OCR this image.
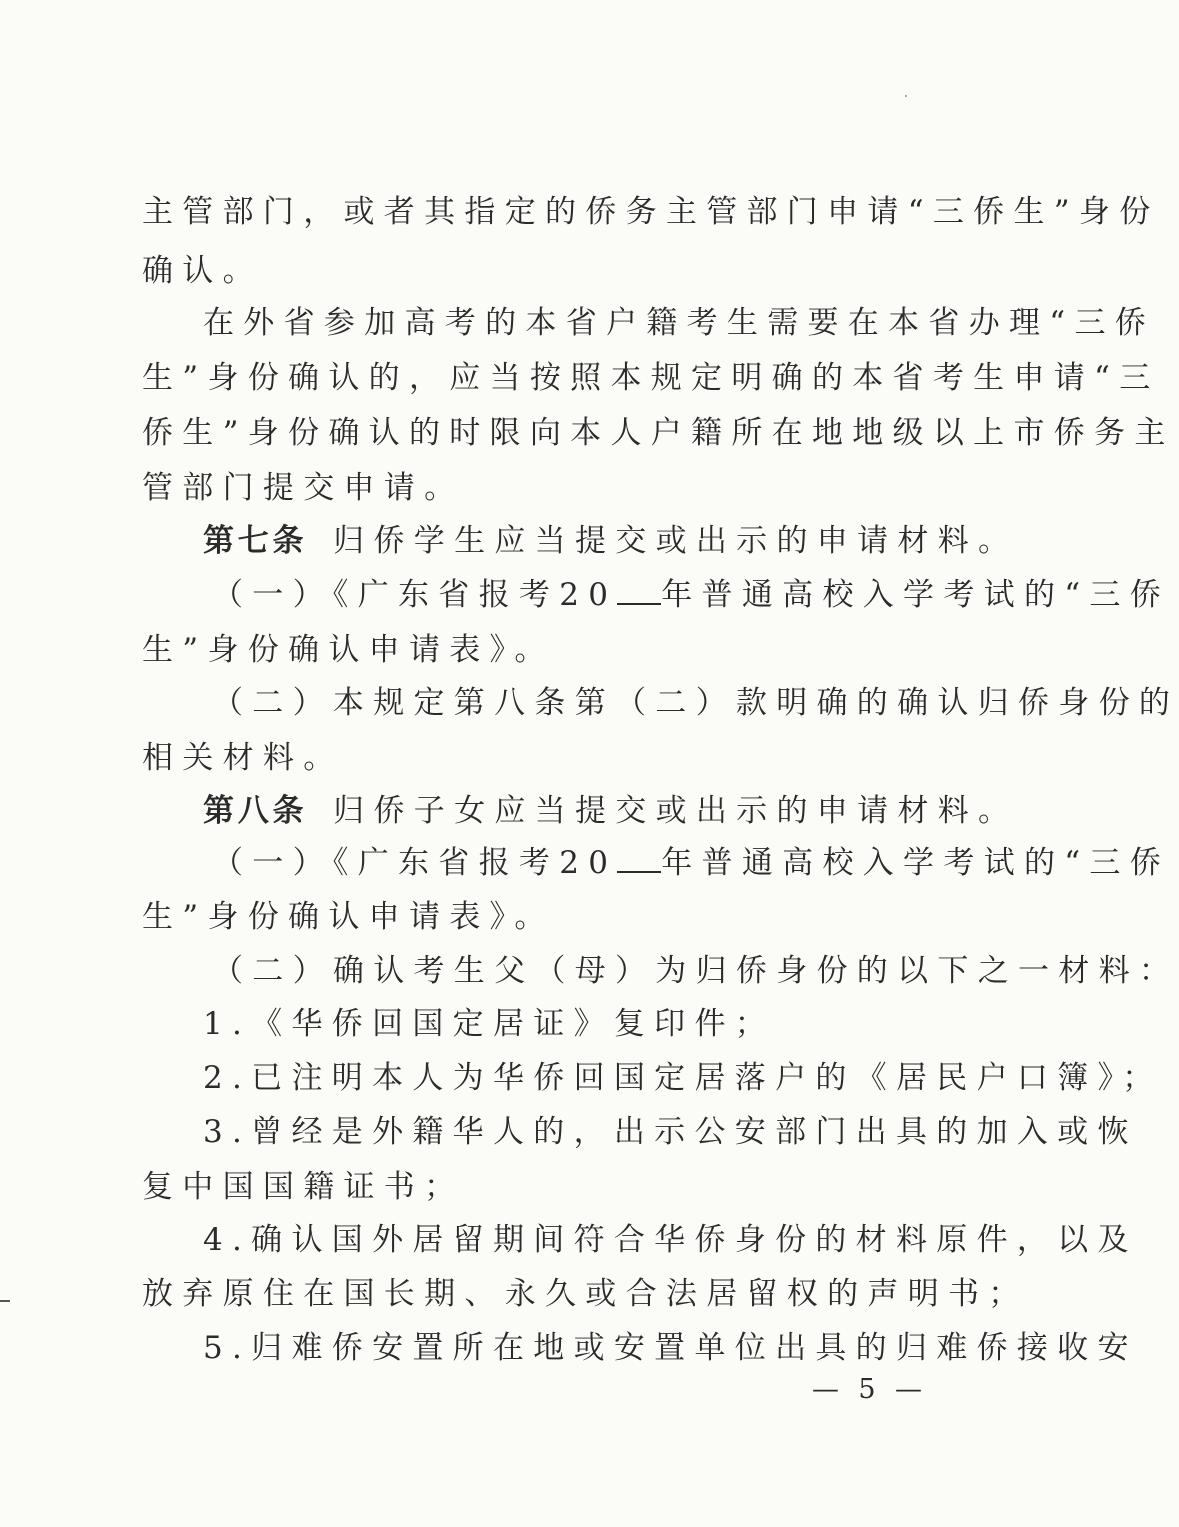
主管部门，或者其指定的侨务主管部门申请“三侨生”身份
确认。
在外省参加高考的本省户籍考生需要在本省办理“三侨
生”身份确认的，应当按照本规定明确的本省考生申请“三
侨生”身份确认的时限向本人户籍所在地地级以上市侨务主
管部门提交申请。
第七条 归侨学生应当提交或出示的申请材料。
（一）《广东省报考20 年普通高校入学考试的“三侨
生”身份确认申请表》。
（二）本规定第八条第（二）款明确的确认归侨身份的
相关材料。
第八条 归侨子女应当提交或出示的申请材料。
（一）《广东省报考20 年普通高校入学考试的“三侨
生”身份确认申请表》。
（二）确认考生父（母）为归侨身份的以下之一材料：
1.《华侨回国定居证》复印件；
2.已注明本人为华侨回国定居落户的《居民户口簿》；
3.曾经是外籍华人的，出示公安部门出具的加入或恢
复中国国籍证书；
4.确认国外居留期间符合华侨身份的材料原件，以及
放弃原住在国长期、永久或合法居留权的声明书；
5.归难侨安置所在地或安置单位出具的归难侨接收安
— 5 —
